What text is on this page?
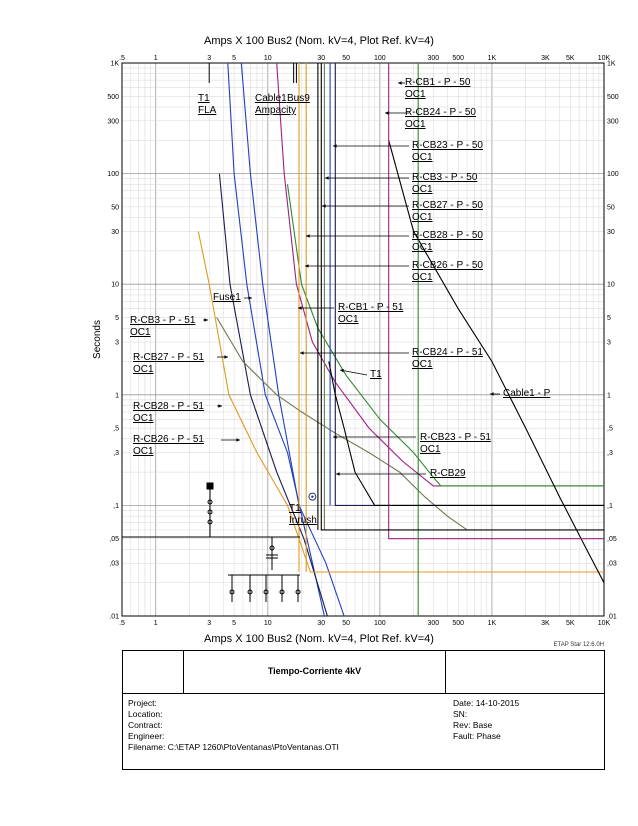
Amps X 100 Bus2 (Nom. kV=4, Plot Ref. kV=4)
Amps X 100 Bus2 (Nom. kV=4, Plot Ref. kV=4)
.5
.5
1
1
3
3
5
5
10
10
30
30
50
50
100
100
300
300
500
500
1K
1K
3K
3K
5K
5K
10K
10K
.01	.01
,03	,03
,05	,05
,1	,1
,3	,3
,5	,5
1	1
3	3
5	5
10	10
30	30
50	50
100	100
300	300
500	500
1K	1K
Seconds
R-CB1 - P - 50
OC1
R-CB24 - P - 50
OC1
R-CB23 - P - 50
OC1
R-CB3 - P - 50
OC1
R-CB27 - P - 50
OC1
R-CB28 - P - 50
OC1
R-CB26 - P - 50
OC1
R-CB1 - P - 51
OC1
R-CB24 - P - 51
OC1
R-CB23 - P - 51
OC1
R-CB29
T1
Cable1 - P
R-CB3 - P - 51
OC1
R-CB27 - P - 51
OC1
R-CB28 - P - 51
OC1
R-CB26 - P - 51
OC1
Fuse1
T1
FLA
Cable1
Ampacity
Bus9
T1
Inrush
ETAP Star 12.6.0H
Tiempo-Corriente 4kV
Project:
Location:
Contract:
Engineer:
Filename: C:\ETAP 1260\PtoVentanas\PtoVentanas.OTI
Date: 14-10-2015
SN:
Rev: Base
Fault: Phase
